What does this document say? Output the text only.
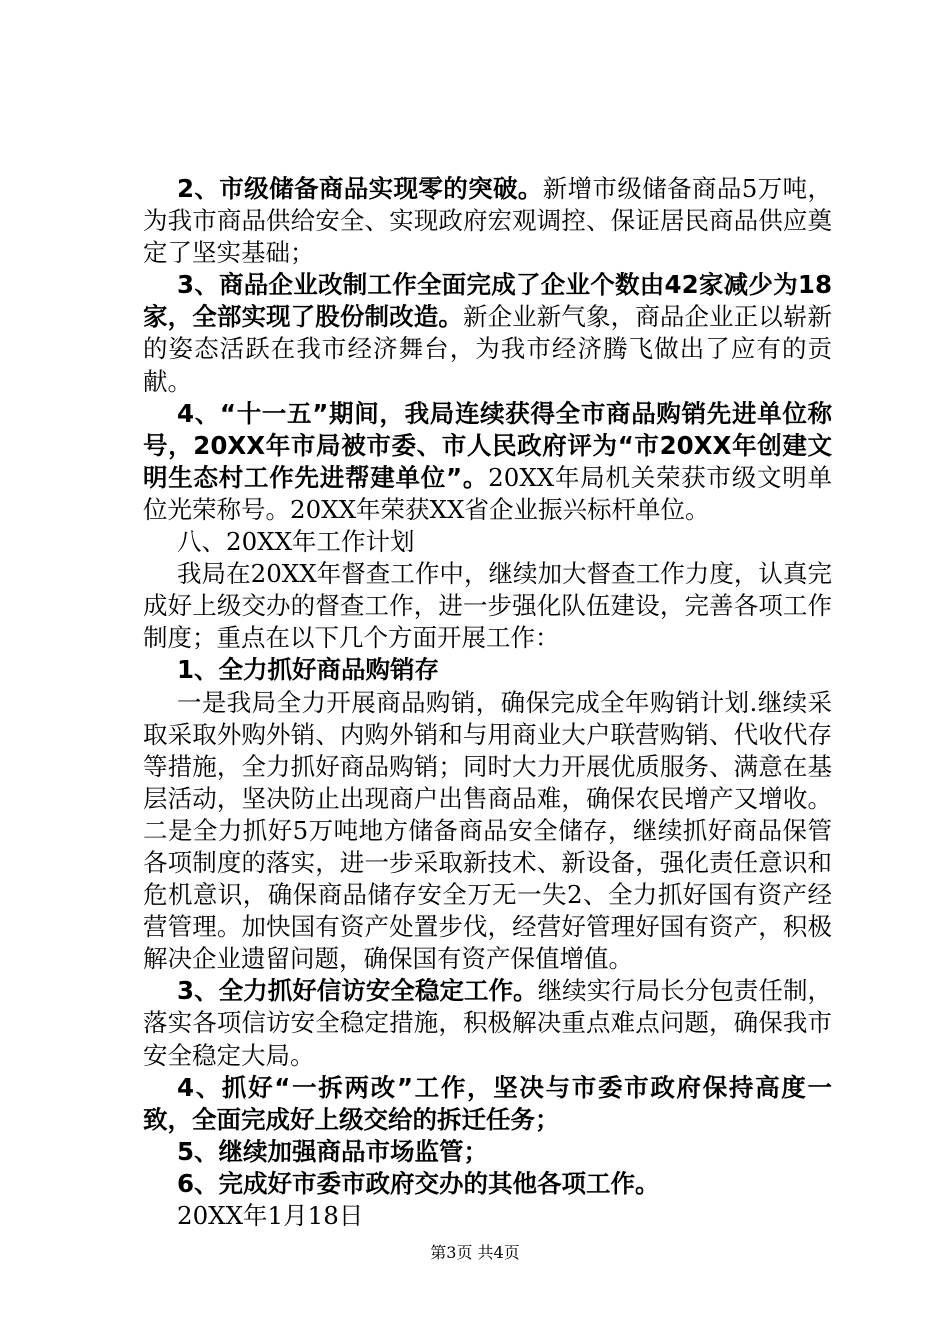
2、市级储备商品实现零的突破。新增市级储备商品5万吨，为我市商品供给安全、实现政府宏观调控、保证居民商品供应奠定了坚实基础；

3、商品企业改制工作全面完成了企业个数由42家减少为18家，全部实现了股份制改造。新企业新气象，商品企业正以崭新的姿态活跃在我市经济舞台，为我市经济腾飞做出了应有的贡献。

4、“十一五”期间，我局连续获得全市商品购销先进单位称号，20XX年市局被市委、市人民政府评为“市20XX年创建文明生态村工作先进帮建单位”。20XX年局机关荣获市级文明单位光荣称号。20XX年荣获XX省企业振兴标杆单位。

八、20XX年工作计划

我局在20XX年督查工作中，继续加大督查工作力度，认真完成好上级交办的督查工作，进一步强化队伍建设，完善各项工作制度；重点在以下几个方面开展工作：

1、全力抓好商品购销存

一是我局全力开展商品购销，确保完成全年购销计划.继续采取采取外购外销、内购外销和与用商业大户联营购销、代收代存等措施，全力抓好商品购销；同时大力开展优质服务、满意在基层活动，坚决防止出现商户出售商品难，确保农民增产又增收。二是全力抓好5万吨地方储备商品安全储存，继续抓好商品保管各项制度的落实，进一步采取新技术、新设备，强化责任意识和危机意识，确保商品储存安全万无一失2、全力抓好国有资产经营管理。加快国有资产处置步伐，经营好管理好国有资产，积极解决企业遗留问题，确保国有资产保值增值。

3、全力抓好信访安全稳定工作。继续实行局长分包责任制，落实各项信访安全稳定措施，积极解决重点难点问题，确保我市安全稳定大局。

4、抓好“一拆两改”工作，坚决与市委市政府保持高度一致，全面完成好上级交给的拆迁任务；

5、继续加强商品市场监管；

6、完成好市委市政府交办的其他各项工作。

20XX年1月18日

第3页 共4页
